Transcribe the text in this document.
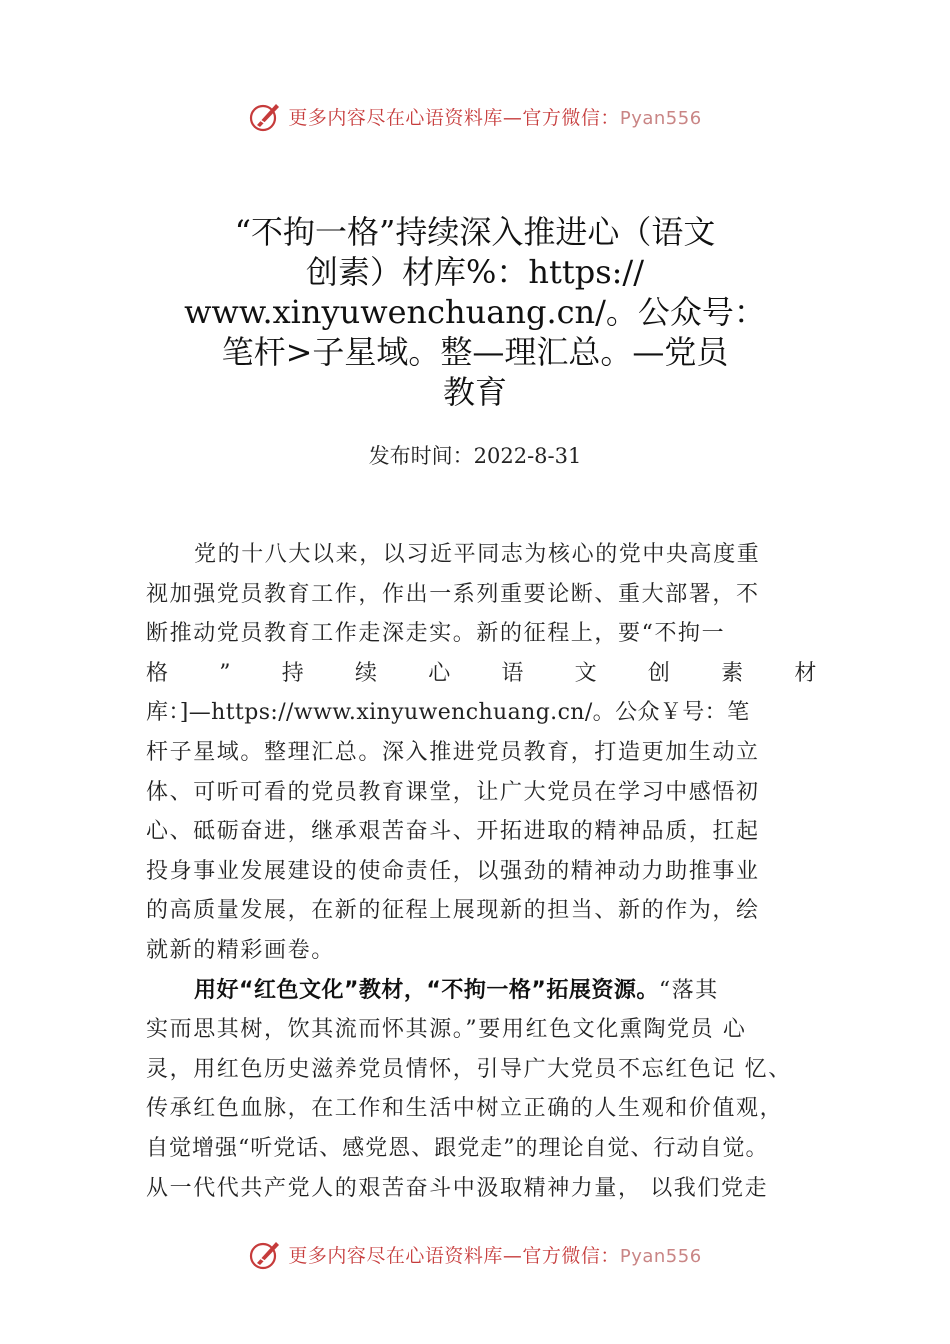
更多内容尽在心语资料库—官方微信：Pyan556
“不拘一格”持续深入推进心（语文
创素）材库%：https://
www.xinyuwenchuang.cn/。公众号：
笔杆>子星域。整—理汇总。—党员
教育
发布时间：2022-8-31
党的十八大以来，以习近平同志为核心的党中央高度重
视加强党员教育工作，作出一系列重要论断、重大部署，不
断推动党员教育工作走深走实。新的征程上，要“不拘一
格 ” 持 续 心 语 文 创 素 材
库：]—https://www.xinyuwenchuang.cn/。公众￥号：笔
杆子星域。整理汇总。深入推进党员教育，打造更加生动立
体、可听可看的党员教育课堂，让广大党员在学习中感悟初
心、砥砺奋进，继承艰苦奋斗、开拓进取的精神品质，扛起
投身事业发展建设的使命责任，以强劲的精神动力助推事业
的高质量发展，在新的征程上展现新的担当、新的作为，绘
就新的精彩画卷。
用好“红色文化”教材，“不拘一格”拓展资源。“落其
实而思其树，饮其流而怀其源。”要用红色文化熏陶党员 心
灵，用红色历史滋养党员情怀，引导广大党员不忘红色记 忆、
传承红色血脉，在工作和生活中树立正确的人生观和价值观，
自觉增强“听党话、感党恩、跟党走”的理论自觉、行动自觉。
从一代代共产党人的艰苦奋斗中汲取精神力量， 以我们党走
更多内容尽在心语资料库—官方微信：Pyan556
